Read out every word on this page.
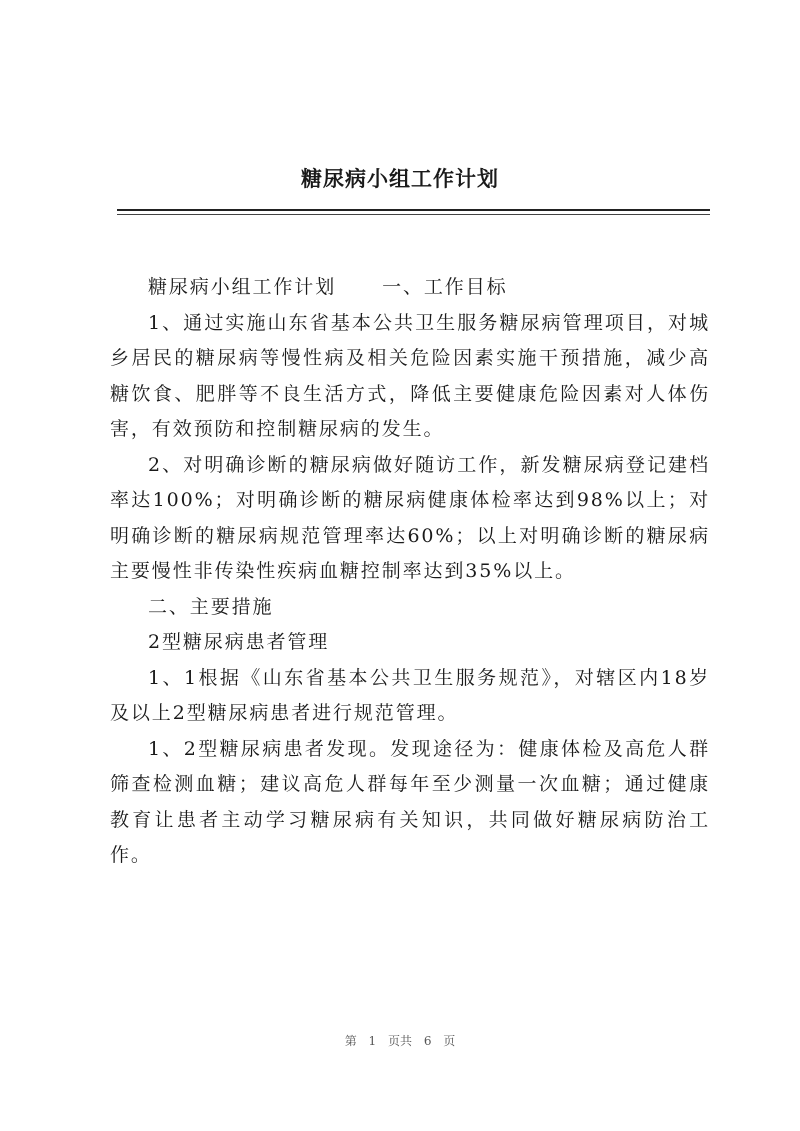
糖尿病小组工作计划

糖尿病小组工作计划 一、工作目标

1、通过实施山东省基本公共卫生服务糖尿病管理项目，对城乡居民的糖尿病等慢性病及相关危险因素实施干预措施，减少高糖饮食、肥胖等不良生活方式，降低主要健康危险因素对人体伤害，有效预防和控制糖尿病的发生。

2、对明确诊断的糖尿病做好随访工作，新发糖尿病登记建档率达100%；对明确诊断的糖尿病健康体检率达到98%以上；对明确诊断的糖尿病规范管理率达60%；以上对明确诊断的糖尿病主要慢性非传染性疾病血糖控制率达到35%以上。

二、主要措施

2型糖尿病患者管理

1、1根据《山东省基本公共卫生服务规范》，对辖区内18岁及以上2型糖尿病患者进行规范管理。

1、2型糖尿病患者发现。发现途径为：健康体检及高危人群筛查检测血糖；建议高危人群每年至少测量一次血糖；通过健康教育让患者主动学习糖尿病有关知识，共同做好糖尿病防治工作。

第 1 页共 6 页
